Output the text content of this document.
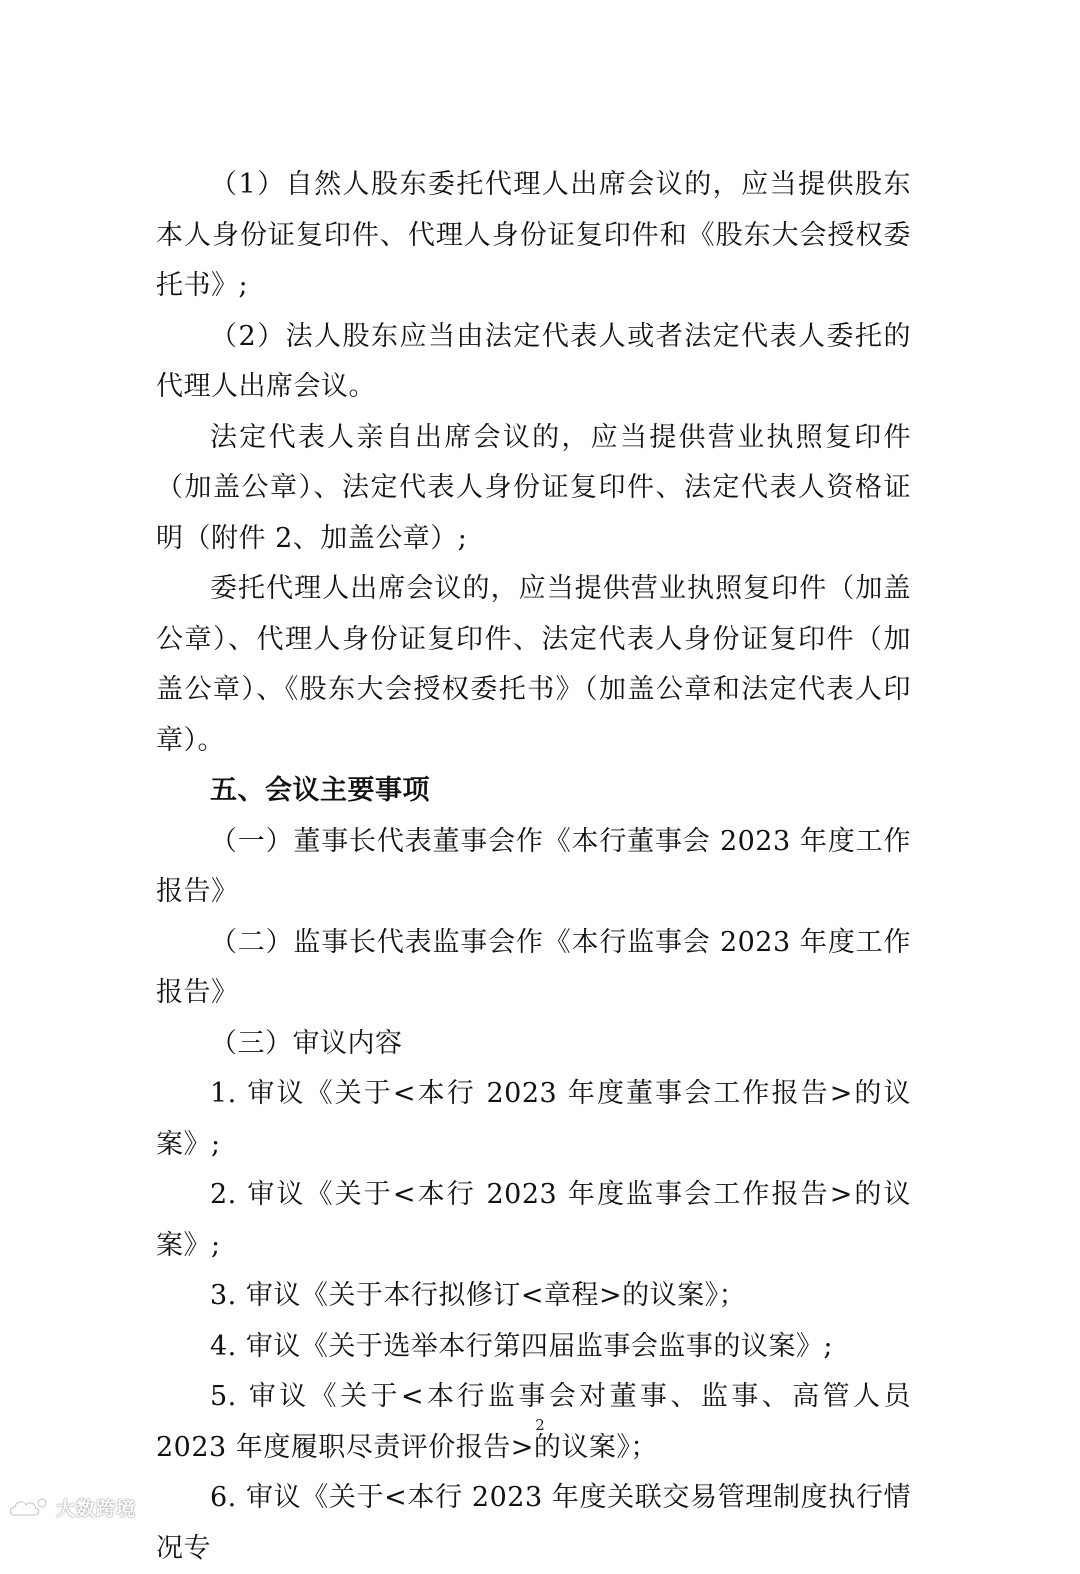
（1）自然人股东委托代理人出席会议的，应当提供股东本人身份证复印件、代理人身份证复印件和《股东大会授权委托书》;

（2）法人股东应当由法定代表人或者法定代表人委托的代理人出席会议。

法定代表人亲自出席会议的，应当提供营业执照复印件（加盖公章）、法定代表人身份证复印件、法定代表人资格证明（附件 2、加盖公章）;

委托代理人出席会议的，应当提供营业执照复印件（加盖公章）、代理人身份证复印件、法定代表人身份证复印件（加盖公章）、《股东大会授权委托书》（加盖公章和法定代表人印章）。

五、会议主要事项

（一）董事长代表董事会作《本行董事会 2023 年度工作报告》

（二）监事长代表监事会作《本行监事会 2023 年度工作报告》

（三）审议内容

1. 审议《关于<本行 2023 年度董事会工作报告>的议案》;

2. 审议《关于<本行 2023 年度监事会工作报告>的议案》;

3. 审议《关于本行拟修订<章程>的议案》；

4. 审议《关于选举本行第四届监事会监事的议案》;

5. 审议《关于<本行监事会对董事、监事、高管人员 2023 年度履职尽责评价报告>的议案》；

6. 审议《关于<本行 2023 年度关联交易管理制度执行情况专

2
大数跨境
